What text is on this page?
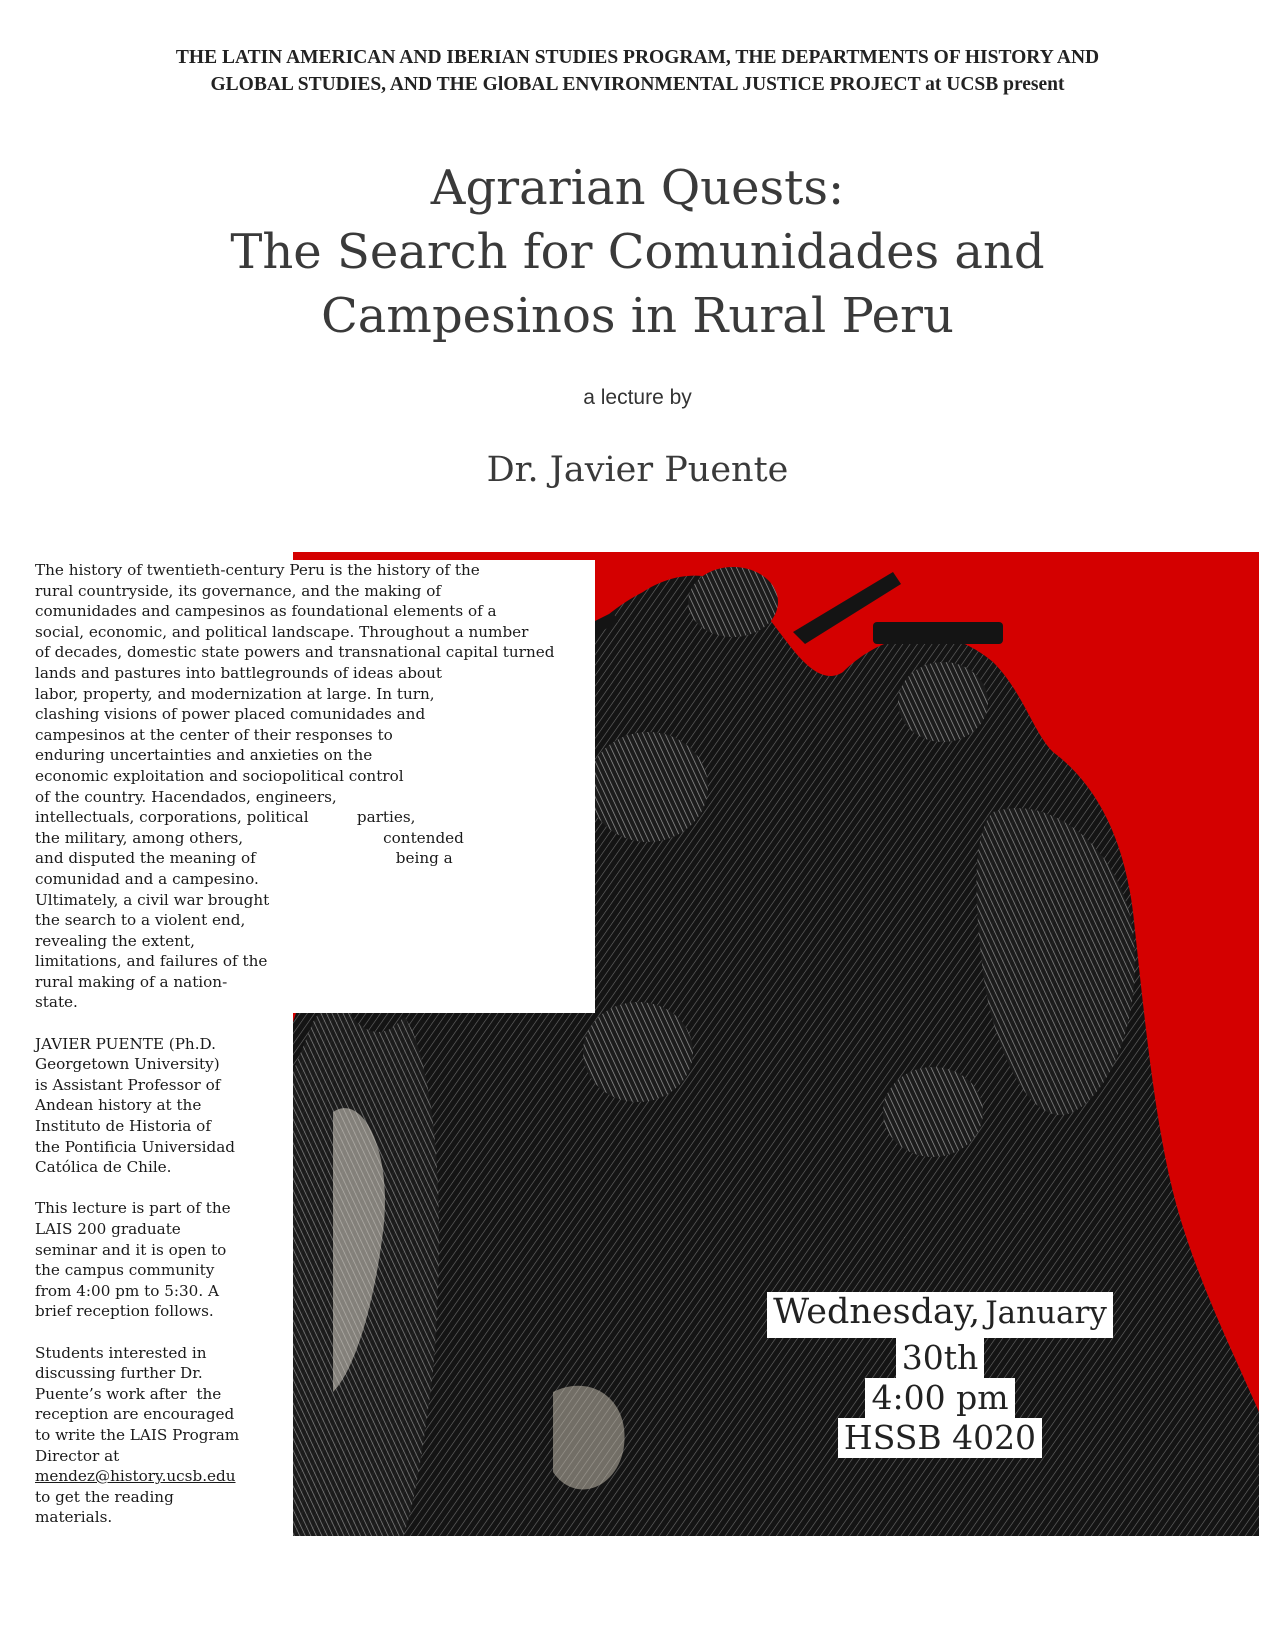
THE LATIN AMERICAN AND IBERIAN STUDIES PROGRAM, THE DEPARTMENTS OF HISTORY AND
GLOBAL STUDIES, AND THE GlOBAL ENVIRONMENTAL JUSTICE PROJECT at UCSB present
Agrarian Quests:
The Search for Comunidades and
Campesinos in Rural Peru
a lecture by
Dr. Javier Puente

The history of twentieth-century Peru is the history of the
rural countryside, its governance, and the making of
comunidades and campesinos as foundational elements of a
social, economic, and political landscape. Throughout a number
of decades, domestic state powers and transnational capital turned
lands and pastures into battlegrounds of ideas about
labor, property, and modernization at large. In turn,
clashing visions of power placed comunidades and
campesinos at the center of their responses to
enduring uncertainties and anxieties on the
economic exploitation and sociopolitical control
of the country. Hacendados, engineers,
intellectuals, corporations, political          parties,
the military, among others,                             contended
and disputed the meaning of                             being a
comunidad and a campesino.
Ultimately, a civil war brought
the search to a violent end,
revealing the extent,
limitations, and failures of the
rural making of a nation-
state.

JAVIER PUENTE (Ph.D.
Georgetown University)
is Assistant Professor of
Andean history at the
Instituto de Historia of
the Pontificia Universidad
Católica de Chile.

This lecture is part of the
LAIS 200 graduate
seminar and it is open to
the campus community
from 4:00 pm to 5:30. A
brief reception follows.

Students interested in
discussing further Dr.
Puente’s work after  the
reception are encouraged
to write the LAIS Program
Director at
mendez@history.ucsb.edu
to get the reading
materials.

Wednesday, January
30th
4:00 pm
HSSB 4020
